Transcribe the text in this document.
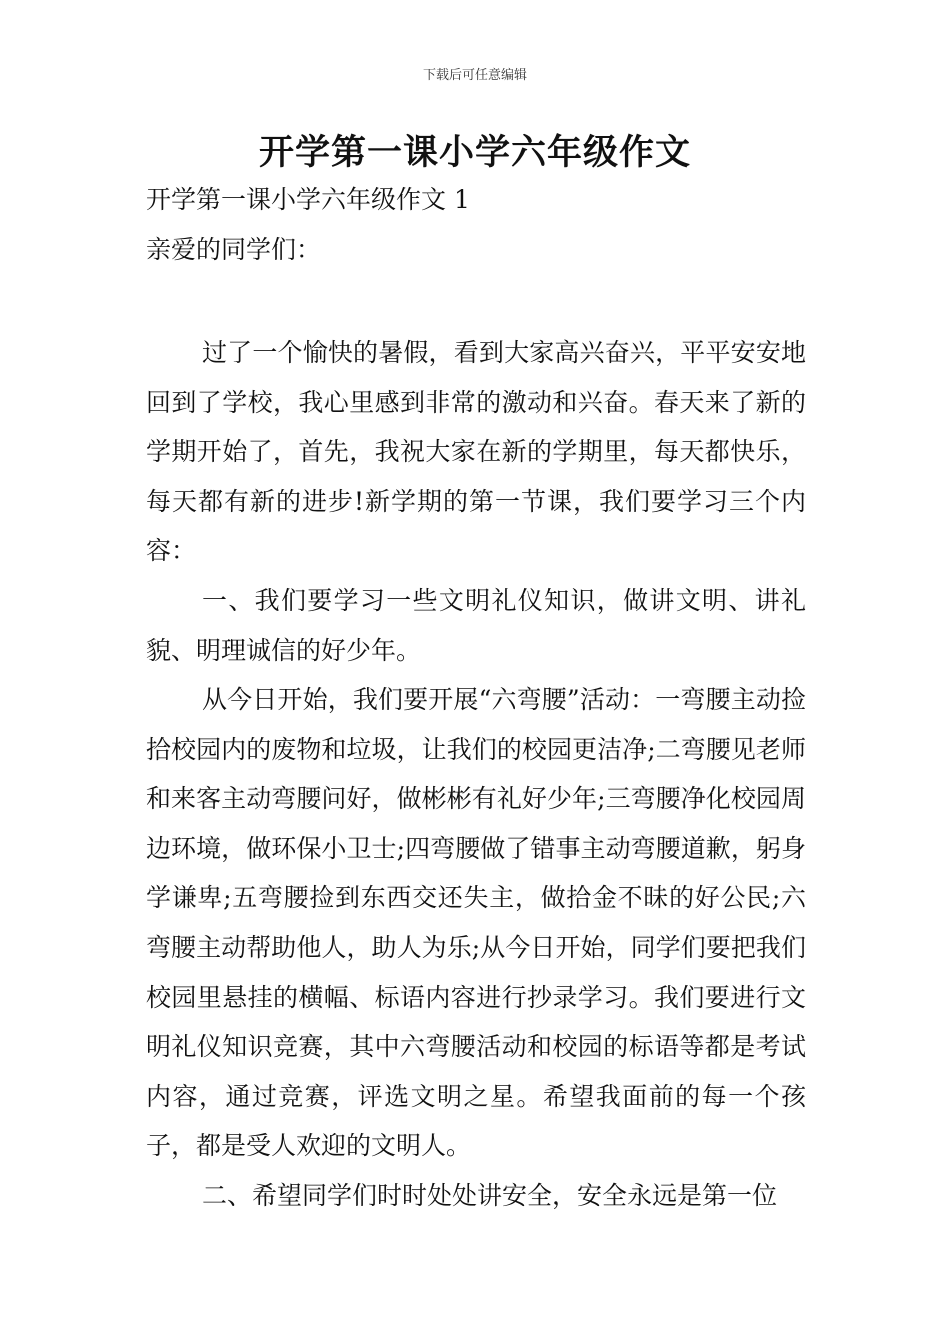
下载后可任意编辑
开学第一课小学六年级作文
开学第一课小学六年级作文 1
亲爱的同学们：

过了一个愉快的暑假，看到大家高兴奋兴，平平安安地回到了学校，我心里感到非常的激动和兴奋。春天来了新的学期开始了，首先，我祝大家在新的学期里，每天都快乐，每天都有新的进步!新学期的第一节课，我们要学习三个内容：

一、我们要学习一些文明礼仪知识，做讲文明、讲礼貌、明理诚信的好少年。

从今日开始，我们要开展“六弯腰”活动：一弯腰主动捡拾校园内的废物和垃圾，让我们的校园更洁净;二弯腰见老师和来客主动弯腰问好，做彬彬有礼好少年;三弯腰净化校园周边环境，做环保小卫士;四弯腰做了错事主动弯腰道歉，躬身学谦卑;五弯腰捡到东西交还失主，做拾金不昧的好公民;六弯腰主动帮助他人，助人为乐;从今日开始，同学们要把我们校园里悬挂的横幅、标语内容进行抄录学习。我们要进行文明礼仪知识竞赛，其中六弯腰活动和校园的标语等都是考试内容，通过竞赛，评选文明之星。希望我面前的每一个孩子，都是受人欢迎的文明人。

二、希望同学们时时处处讲安全，安全永远是第一位
